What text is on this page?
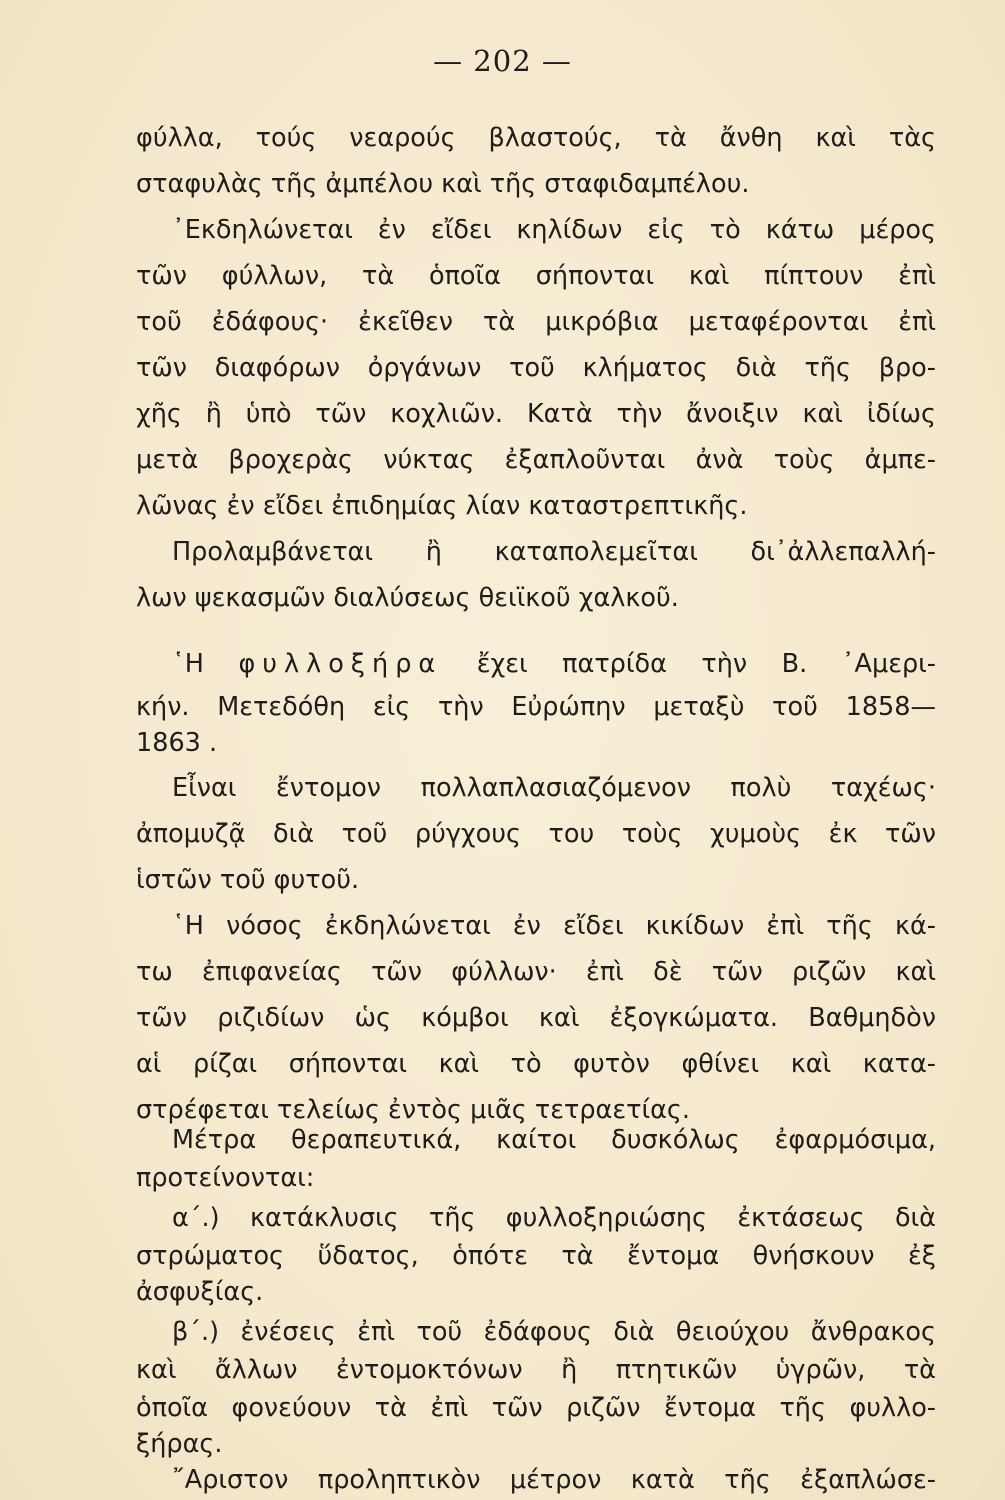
— 202 —
φύλλα, τούς νεαρούς βλαστούς, τὰ ἄνθη καὶ τὰς
σταφυλὰς τῆς ἀμπέλου καὶ τῆς σταφιδαμπέλου.
᾿Εκδηλώνεται ἐν εἴδει κηλίδων εἰς τὸ κάτω μέρος
τῶν φύλλων, τὰ ὁποῖα σήπονται καὶ πίπτουν ἐπὶ
τοῦ ἐδάφους· ἐκεῖθεν τὰ μικρόβια μεταφέρονται ἐπὶ
τῶν διαφόρων ὀργάνων τοῦ κλήματος διὰ τῆς βρο-
χῆς ἢ ὑπὸ τῶν κοχλιῶν. Κατὰ τὴν ἄνοιξιν καὶ ἰδίως
μετὰ βροχερὰς νύκτας ἐξαπλοῦνται ἀνὰ τοὺς ἀμπε-
λῶνας ἐν εἴδει ἐπιδημίας λίαν καταστρεπτικῆς.
Προλαμβάνεται ἢ καταπολεμεῖται δι᾿ἀλλεπαλλή-
λων ψεκασμῶν διαλύσεως θειϊκοῦ χαλκοῦ.
῾Η φυλλοξήρα ἔχει πατρίδα τὴν Β. ᾿Αμερι-
κήν. Μετεδόθη εἰς τὴν Εὐρώπην μεταξὺ τοῦ 1858—
1863 .
Εἶναι ἔντομον πολλαπλασιαζόμενον πολὺ ταχέως·
ἀπομυζᾷ διὰ τοῦ ρύγχους του τοὺς χυμοὺς ἐκ τῶν
ἱστῶν τοῦ φυτοῦ.
῾Η νόσος ἐκδηλώνεται ἐν εἴδει κικίδων ἐπὶ τῆς κά-
τω ἐπιφανείας τῶν φύλλων· ἐπὶ δὲ τῶν ριζῶν καὶ
τῶν ριζιδίων ὡς κόμβοι καὶ ἐξογκώματα. Βαθμηδὸν
αἱ ρίζαι σήπονται καὶ τὸ φυτὸν φθίνει καὶ κατα-
στρέφεται τελείως ἐντὸς μιᾶς τετραετίας.
Μέτρα θεραπευτικά, καίτοι δυσκόλως ἐφαρμόσιμα,
προτείνονται:
α΄.) κατάκλυσις τῆς φυλλοξηριώσης ἐκτάσεως διὰ
στρώματος ὕδατος, ὁπότε τὰ ἔντομα θνήσκουν ἐξ
ἀσφυξίας.
β΄.) ἐνέσεις ἐπὶ τοῦ ἐδάφους διὰ θειούχου ἄνθρακος
καὶ ἄλλων ἐντομοκτόνων ἢ πτητικῶν ὑγρῶν, τὰ
ὁποῖα φονεύουν τὰ ἐπὶ τῶν ριζῶν ἔντομα τῆς φυλλο-
ξήρας.
῎Αριστον προληπτικὸν μέτρον κατὰ τῆς ἐξαπλώσε-
